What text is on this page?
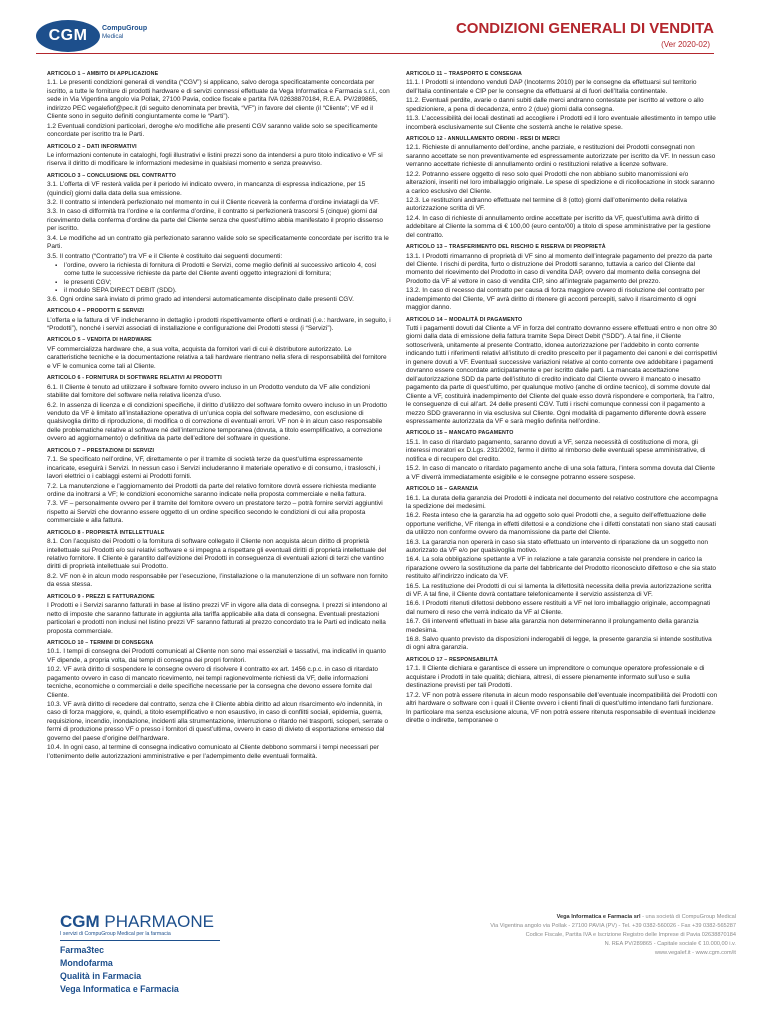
CGM	CompuGroup
Medical	CONDIZIONI GENERALI DI VENDITA
(Ver 2020-02)
ARTICOLO 1 – AMBITO DI APPLICAZIONE

1.1. Le presenti condizioni generali di vendita (“CGV”) si applicano, salvo deroga specificatamente concordata per iscritto, a tutte le forniture di prodotti hardware e di servizi connessi effettuate da Vega Informatica e Farmacia s.r.l., con sede in Via Vigentina angolo via Pollak, 27100 Pavia, codice fiscale e partita IVA 02638870184, R.E.A. PV/289865, indirizzo PEC vegalefiof@pec.it (di seguito denominata per brevità, “VF”) in favore del cliente (il “Cliente”; VF ed il Cliente sono in seguito definiti congiuntamente come le “Parti”).

1.2 Eventuali condizioni particolari, deroghe e/o modifiche alle presenti CGV saranno valide solo se specificamente concordate per iscritto tra le Parti.

ARTICOLO 2 – DATI INFORMATIVI

Le informazioni contenute in cataloghi, fogli illustrativi e listini prezzi sono da intendersi a puro titolo indicativo e VF si riserva il diritto di modificare le informazioni medesime in qualsiasi momento e senza preavviso.

ARTICOLO 3 – CONCLUSIONE DEL CONTRATTO

3.1. L’offerta di VF resterà valida per il periodo ivi indicato ovvero, in mancanza di espressa indicazione, per 15 (quindici) giorni dalla data della sua emissione.

3.2. Il contratto si intenderà perfezionato nel momento in cui il Cliente riceverà la conferma d’ordine inviatagli da VF.

3.3. In caso di difformità tra l’ordine e la conferma d’ordine, il contratto si perfezionerà trascorsi 5 (cinque) giorni dal ricevimento della conferma d’ordine da parte del Cliente senza che quest’ultimo abbia manifestato il proprio dissenso per iscritto.

3.4. Le modifiche ad un contratto già perfezionato saranno valide solo se specificatamente concordate per iscritto tra le Parti.

3.5. Il contratto (“Contratto”) tra VF e il Cliente è costituito dai seguenti documenti:

▪ l’ordine, ovvero la richiesta di fornitura di Prodotti e Servizi, come meglio definiti al successivo articolo 4, così come tutte le successive richieste da parte del Cliente aventi oggetto integrazioni di fornitura;
▪ le presenti CGV;
▪ il modulo SEPA DIRECT DEBIT (SDD).

3.6. Ogni ordine sarà inviato di primo grado ad intendersi automaticamente disciplinato dalle presenti CGV.

ARTICOLO 4 – PRODOTTI E SERVIZI

L’offerta e la fattura di VF indicheranno in dettaglio i prodotti rispettivamente offerti e ordinati (i.e.: hardware, in seguito, i “Prodotti”), nonché i servizi associati di installazione e configurazione dei Prodotti stessi (i “Servizi”).

ARTICOLO 5 – VENDITA DI HARDWARE

VF commercializza hardware che, a sua volta, acquista da fornitori vari di cui è distributore autorizzato. Le caratteristiche tecniche e la documentazione relativa a tali hardware rientrano nella sfera di responsabilità del fornitore e VF le comunica come tali al Cliente.

ARTICOLO 6 - FORNITURA DI SOFTWARE RELATIVI AI PRODOTTI

6.1. Il Cliente è tenuto ad utilizzare il software fornito ovvero incluso in un Prodotto venduto da VF alle condizioni stabilite dal fornitore del software nella relativa licenza d’uso.

6.2. In assenza di licenza e di condizioni specifiche, il diritto d’utilizzo del software fornito ovvero incluso in un Prodotto venduto da VF è limitato all’installazione operativa di un’unica copia del software medesimo, con esclusione di qualsivoglia diritto di riproduzione, di modifica o di correzione di eventuali errori. VF non è in alcun caso responsabile delle problematiche relative al software né dell’interruzione temporanea (dovuta, a titolo esemplificativo, a correzione ovvero ad aggiornamento) o definitiva da parte dell’editore del software in questione.

ARTICOLO 7 – PRESTAZIONI DI SERVIZI

7.1. Se specificato nell’ordine, VF, direttamente o per il tramite di società terze da quest’ultima espressamente incaricate, eseguirà i Servizi. In nessun caso i Servizi includeranno il materiale operativo e di consumo, i trasloschi, i lavori elettrici o i cablaggi esterni ai Prodotti forniti.

7.2. La manutenzione e l’aggiornamento dei Prodotti da parte del relativo fornitore dovrà essere richiesta mediante ordine da inoltrarsi a VF; le condizioni economiche saranno indicate nella proposta commerciale e nella fattura.

7.3. VF – personalmente ovvero per il tramite del fornitore ovvero un prestatore terzo – potrà fornire servizi aggiuntivi rispetto ai Servizi che dovranno essere oggetto di un ordine specifico secondo le condizioni di cui alla proposta commerciale e alla fattura.

ARTICOLO 8 - PROPRIETÀ INTELLETTUALE

8.1. Con l’acquisto dei Prodotti o la fornitura di software collegato il Cliente non acquista alcun diritto di proprietà intellettuale sui Prodotti e/o sui relativi software e si impegna a rispettare gli eventuali diritti di proprietà intellettuale del relativo fornitore. Il Cliente è garantito dall’evizione dei Prodotti in conseguenza di eventuali azioni di terzi che vantino diritti di proprietà intellettuale sui Prodotto.

8.2. VF non è in alcun modo responsabile per l’esecuzione, l’installazione o la manutenzione di un software non fornito da essa stessa.

ARTICOLO 9 - PREZZI E FATTURAZIONE

I Prodotti e i Servizi saranno fatturati in base al listino prezzi VF in vigore alla data di consegna. I prezzi si intendono al netto di imposte che saranno fatturate in aggiunta alla tariffa applicabile alla data di consegna. Eventuali prestazioni particolari e prodotti non inclusi nel listino prezzi VF saranno fatturati al prezzo concordato tra le Parti ed indicato nella proposta commerciale.

ARTICOLO 10 – TERMINI DI CONSEGNA

10.1. I tempi di consegna dei Prodotti comunicati al Cliente non sono mai essenziali e tassativi, ma indicativi in quanto VF dipende, a propria volta, dai tempi di consegna dei propri fornitori.

10.2. VF avrà diritto di sospendere le consegne ovvero di risolvere il contratto ex art. 1456 c.p.c. in caso di ritardato pagamento ovvero in caso di mancato ricevimento, nei tempi ragionevolmente richiesti da VF, delle informazioni tecniche, economiche o commerciali e delle specifiche necessarie per la consegna che devono essere fornite dal Cliente.

10.3. VF avrà diritto di recedere dal contratto, senza che il Cliente abbia diritto ad alcun risarcimento e/o indennità, in caso di forza maggiore, e, quindi, a titolo esemplificativo e non esaustivo, in caso di conflitti sociali, epidemia, guerra, requisizione, incendio, inondazione, incidenti alla strumentazione, interruzione o ritardo nei trasporti, scioperi, serrate o fermi di produzione presso VF o presso i fornitori di quest’ultima, ovvero in caso di divieto di esportazione emesso dal governo del paese d’origine dell’hardware.

10.4. In ogni caso, al termine di consegna indicativo comunicato al Cliente debbono sommarsi i tempi necessari per l’ottenimento delle autorizzazioni amministrative e per l’adempimento delle eventuali formalità.

ARTICOLO 11 – TRASPORTO E CONSEGNA

11.1. I Prodotti si intendono venduti DAP (Incoterms 2010) per le consegne da effettuarsi sul territorio dell’Italia continentale e CIP per le consegne da effettuarsi al di fuori dell’Italia continentale.

11.2. Eventuali perdite, avarie o danni subiti dalle merci andranno contestate per iscritto al vettore o allo spedizioniere, a pena di decadenza, entro 2 (due) giorni dalla consegna.

11.3. L’accessibilità dei locali destinati ad accogliere i Prodotti ed il loro eventuale allestimento in tempo utile incomberà esclusivamente sul Cliente che sosterrà anche le relative spese.

ARTICOLO 12 - ANNULLAMENTO ORDINI - RESI DI MERCI

12.1. Richieste di annullamento dell’ordine, anche parziale, e restituzioni dei Prodotti consegnati non saranno accettate se non preventivamente ed espressamente autorizzate per iscritto da VF. In nessun caso verranno accettate richieste di annullamento ordini o restituzioni relative a licenze software.

12.2. Potranno essere oggetto di reso solo quei Prodotti che non abbiano subito manomissioni e/o alterazioni, inseriti nel loro imballaggio originale. Le spese di spedizione e di ricollocazione in stock saranno a carico esclusivo del Cliente.

12.3. Le restituzioni andranno effettuate nel termine di 8 (otto) giorni dall’ottenimento della relativa autorizzazione scritta di VF.

12.4. In caso di richieste di annullamento ordine accettate per iscritto da VF, quest’ultima avrà diritto di addebitare al Cliente la somma di € 100,00 (euro cento/00) a titolo di spese amministrative per la gestione del contratto.

ARTICOLO 13 – TRASFERIMENTO DEL RISCHIO E RISERVA DI PROPRIETÀ

13.1. I Prodotti rimarranno di proprietà di VF sino al momento dell’integrale pagamento del prezzo da parte del Cliente. I rischi di perdita, furto o distruzione dei Prodotti saranno, tuttavia a carico del Cliente dal momento del ricevimento del Prodotto in caso di vendita DAP, ovvero dal momento della consegna del Prodotto da VF al vettore in caso di vendita CIP, sino all’integrale pagamento del prezzo.

13.2. In caso di recesso dal contratto per causa di forza maggiore ovvero di risoluzione del contratto per inadempimento del Cliente, VF avrà diritto di ritenere gli acconti percepiti, salvo il risarcimento di ogni maggior danno.

ARTICOLO 14 – MODALITÀ DI PAGAMENTO

Tutti i pagamenti dovuti dal Cliente a VF in forza del contratto dovranno essere effettuati entro e non oltre 30 giorni dalla data di emissione della fattura tramite Sepa Direct Debit (“SDD”). A tal fine, il Cliente sottoscriverà, unitamente al presente Contratto, idonea autorizzazione per l’addebito in conto corrente indicando tutti i riferimenti relativi all’istituto di credito prescelto per il pagamento dei canoni e dei corrispettivi in genere dovuti a VF. Eventuali successive variazioni relative al conto corrente ove addebitare i pagamenti dovranno essere concordate anticipatamente e per iscritto dalle parti. La mancata accettazione dell’autorizzazione SDD da parte dell’istituto di credito indicato dal Cliente ovvero il mancato o inesatto pagamento da parte di quest’ultimo, per qualunque motivo (anche di ordine tecnico), di somme dovute dal Cliente a VF, costituirà inadempimento del Cliente del quale esso dovrà rispondere e comporterà, fra l’altro, le conseguenze di cui all’art. 24 delle presenti CGV. Tutti i rischi comunque connessi con il pagamento a mezzo SDD graveranno in via esclusiva sul Cliente. Ogni modalità di pagamento differente dovrà essere espressamente autorizzata da VF e sarà meglio definita nell’ordine.

ARTICOLO 15 – MANCATO PAGAMENTO

15.1. In caso di ritardato pagamento, saranno dovuti a VF, senza necessità di costituzione di mora, gli interessi moratori ex D.Lgs. 231/2002, fermo il diritto al rimborso delle eventuali spese amministrative, di notifica e di recupero del credito.

15.2. In caso di mancato o ritardato pagamento anche di una sola fattura, l’intera somma dovuta dal Cliente a VF diverrà immediatamente esigibile e le consegne potranno essere sospese.

ARTICOLO 16 – GARANZIA

16.1. La durata della garanzia dei Prodotti è indicata nel documento del relativo costruttore che accompagna la spedizione dei medesimi.

16.2. Resta inteso che la garanzia ha ad oggetto solo quei Prodotti che, a seguito dell’effettuazione delle opportune verifiche, VF ritenga in effetti difettosi e a condizione che i difetti constatati non siano stati causati da utilizzo non conforme ovvero da manomissione da parte del Cliente.

16.3. La garanzia non opererà in caso sia stato effettuato un intervento di riparazione da un soggetto non autorizzato da VF e/o per qualsivoglia motivo.

16.4. La sola obbligazione spettante a VF in relazione a tale garanzia consiste nel prendere in carico la riparazione ovvero la sostituzione da parte del fabbricante del Prodotto riconosciuto difettoso e che sia stato restituito all’indirizzo indicato da VF.

16.5. La restituzione dei Prodotti di cui si lamenta la difettosità necessita della previa autorizzazione scritta di VF. A tal fine, il Cliente dovrà contattare telefonicamente il servizio assistenza di VF.

16.6. I Prodotti ritenuti difettosi debbono essere restituiti a VF nel loro imballaggio originale, accompagnati dal numero di reso che verrà indicato da VF al Cliente.

16.7. Gli interventi effettuati in base alla garanzia non determineranno il prolungamento della garanzia medesima.

16.8. Salvo quanto previsto da disposizioni inderogabili di legge, la presente garanzia si intende sostitutiva di ogni altra garanzia.

ARTICOLO 17 – RESPONSABILITÀ

17.1. Il Cliente dichiara e garantisce di essere un imprenditore o comunque operatore professionale e di acquistare i Prodotti in tale qualità; dichiara, altresì, di essere pienamente informato sull’uso e sulla destinazione previsti per tali Prodotti.

17.2. VF non potrà essere ritenuta in alcun modo responsabile dell’eventuale incompatibilità dei Prodotti con altri hardware o software con i quali il Cliente ovvero i clienti finali di quest’ultimo intendano farli funzionare. In particolare ma senza esclusione alcuna, VF non potrà essere ritenuta responsabile di eventuali incidenze dirette o indirette, temporanee o

CGM PHARMAONE
I servizi di CompuGroup Medical per la farmacia
Farma3tec
Mondofarma
Qualità in Farmacia
Vega Informatica e Farmacia
Vega Informatica e Farmacia srl - una società di CompuGroup Medical
Via Vigentina angolo via Pollak - 27100 PAVIA (PV) - Tel. +39 0382-560026 - Fax +39 0382-565287
Codice Fiscale, Partita IVA e Iscrizione Registro delle Imprese di Pavia 02638870184
N. REA PV/289865 - Capitale sociale € 10.000,00 i.v.
www.vegalef.it - www.cgm.com/it
